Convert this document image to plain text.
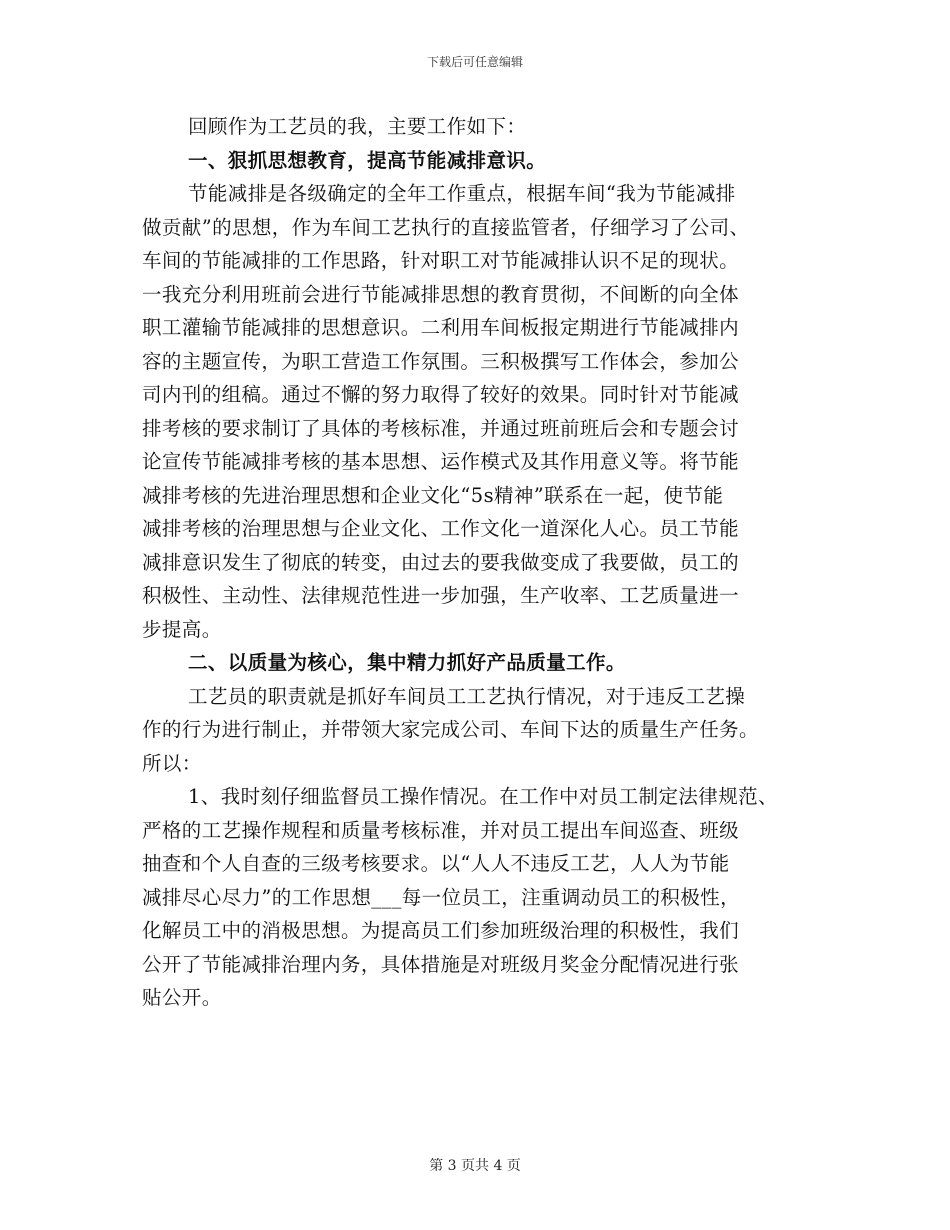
下载后可任意编辑
回顾作为工艺员的我，主要工作如下：
一、狠抓思想教育，提高节能减排意识。
节能减排是各级确定的全年工作重点，根据车间“我为节能减排
做贡献”的思想，作为车间工艺执行的直接监管者，仔细学习了公司、
车间的节能减排的工作思路，针对职工对节能减排认识不足的现状。
一我充分利用班前会进行节能减排思想的教育贯彻，不间断的向全体
职工灌输节能减排的思想意识。二利用车间板报定期进行节能减排内
容的主题宣传，为职工营造工作氛围。三积极撰写工作体会，参加公
司内刊的组稿。通过不懈的努力取得了较好的效果。同时针对节能减
排考核的要求制订了具体的考核标准，并通过班前班后会和专题会讨
论宣传节能减排考核的基本思想、运作模式及其作用意义等。将节能
减排考核的先进治理思想和企业文化“5s精神”联系在一起，使节能
减排考核的治理思想与企业文化、工作文化一道深化人心。员工节能
减排意识发生了彻底的转变，由过去的要我做变成了我要做，员工的
积极性、主动性、法律规范性进一步加强，生产收率、工艺质量进一
步提高。
二、以质量为核心，集中精力抓好产品质量工作。
工艺员的职责就是抓好车间员工工艺执行情况，对于违反工艺操
作的行为进行制止，并带领大家完成公司、车间下达的质量生产任务。
所以：
1、我时刻仔细监督员工操作情况。在工作中对员工制定法律规范、
严格的工艺操作规程和质量考核标准，并对员工提出车间巡查、班级
抽查和个人自查的三级考核要求。以“人人不违反工艺，人人为节能
减排尽心尽力”的工作思想___每一位员工，注重调动员工的积极性，
化解员工中的消极思想。为提高员工们参加班级治理的积极性，我们
公开了节能减排治理内务，具体措施是对班级月奖金分配情况进行张
贴公开。
第 3 页共 4 页
